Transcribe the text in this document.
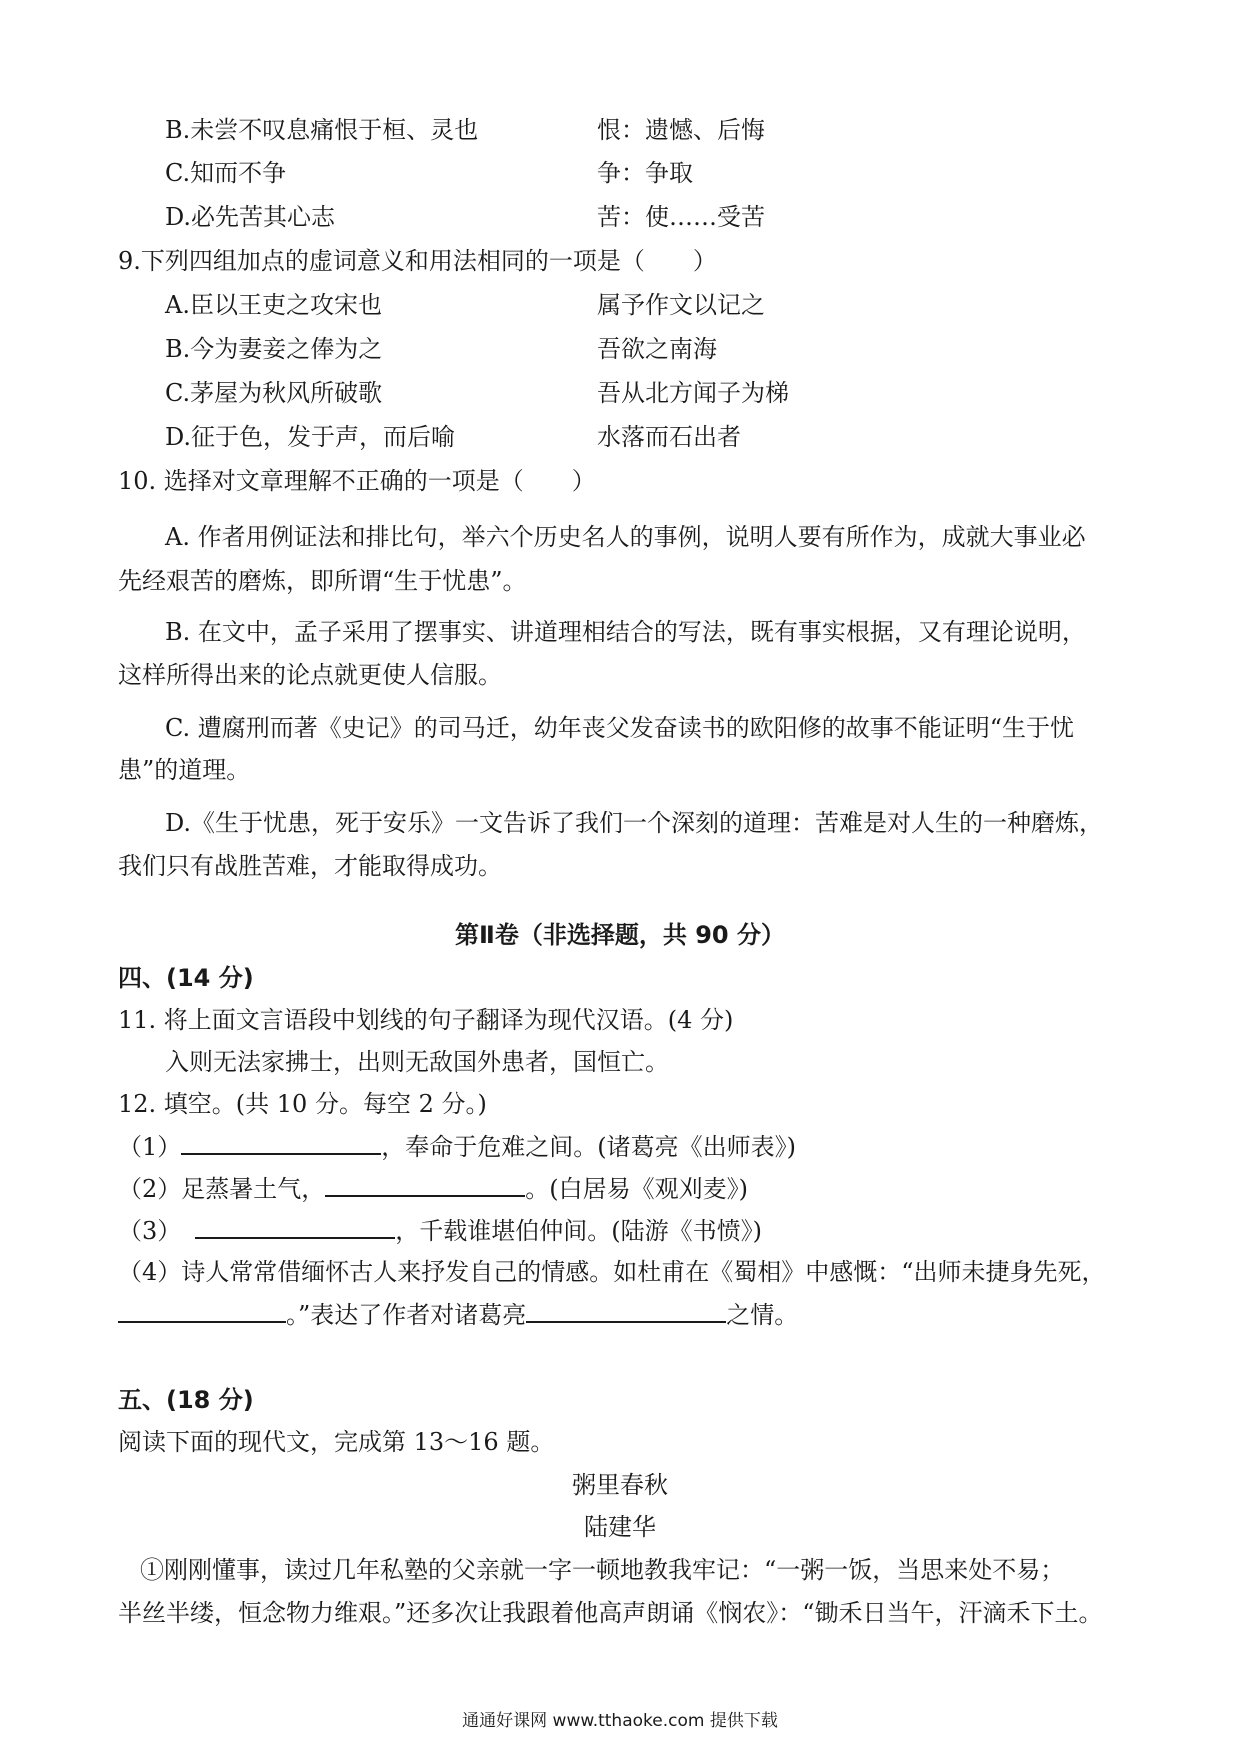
B.未尝不叹息痛恨于桓、灵也	恨：遗憾、后悔
C.知而不争	争：争取
D.必先苦其心志	苦：使……受苦
9.下列四组加点的虚词意义和用法相同的一项是（　　）
A.臣以王吏之攻宋也	属予作文以记之
B.今为妻妾之俸为之	吾欲之南海
C.茅屋为秋风所破歌	吾从北方闻子为梯
D.征于色，发于声，而后喻	水落而石出者
10. 选择对文章理解不正确的一项是（　　）
A. 作者用例证法和排比句，举六个历史名人的事例，说明人要有所作为，成就大事业必
先经艰苦的磨炼，即所谓“生于忧患”。
B. 在文中，孟子采用了摆事实、讲道理相结合的写法，既有事实根据，又有理论说明，
这样所得出来的论点就更使人信服。
C. 遭腐刑而著《史记》的司马迁，幼年丧父发奋读书的欧阳修的故事不能证明“生于忧
患”的道理。
D.《生于忧患，死于安乐》一文告诉了我们一个深刻的道理：苦难是对人生的一种磨炼，
我们只有战胜苦难，才能取得成功。
第Ⅱ卷（非选择题，共 90 分）
四、(14 分)
11. 将上面文言语段中划线的句子翻译为现代汉语。(4 分)
入则无法家拂士，出则无敌国外患者，国恒亡。
12. 填空。(共 10 分。每空 2 分。)
（1）	，奉命于危难之间。(诸葛亮《出师表》)
（2）足蒸暑土气，	。(白居易《观刈麦》)
（3）	，千载谁堪伯仲间。(陆游《书愤》)
（4）诗人常常借缅怀古人来抒发自己的情感。如杜甫在《蜀相》中感慨：“出师未捷身先死，
。”表达了作者对诸葛亮	之情。
五、(18 分)
阅读下面的现代文，完成第 13～16 题。
粥里春秋
陆建华
①刚刚懂事，读过几年私塾的父亲就一字一顿地教我牢记：“一粥一饭，当思来处不易；
半丝半缕，恒念物力维艰。”还多次让我跟着他高声朗诵《悯农》：“锄禾日当午，汗滴禾下土。
通通好课网 www.tthaoke.com 提供下载
